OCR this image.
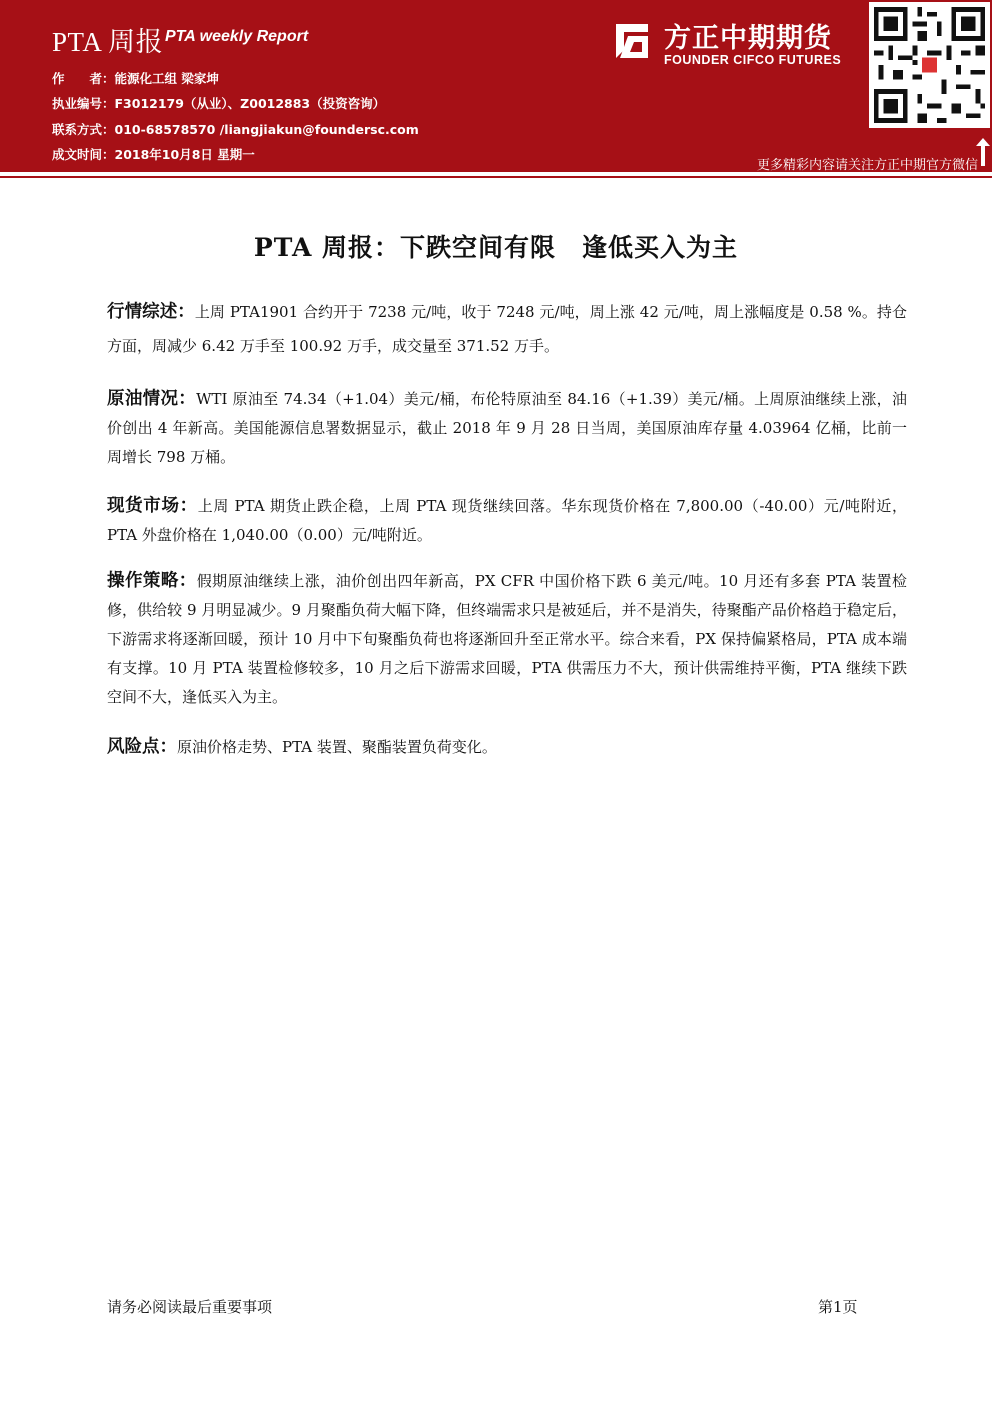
PTA 周报 PTA weekly Report
作　　者：能源化工组 梁家坤
执业编号：F3012179（从业）、Z0012883（投资咨询）
联系方式：010-68578570 /liangjiakun@foundersc.com
成文时间：2018年10月8日 星期一
方正中期期货
FOUNDER CIFCO FUTURES
更多精彩内容请关注方正中期官方微信
PTA 周报：下跌空间有限　逢低买入为主
行情综述：上周 PTA1901 合约开于 7238 元/吨，收于 7248 元/吨，周上涨 42 元/吨，周上涨幅度是 0.58 %。持仓方面，周减少 6.42 万手至 100.92 万手，成交量至 371.52 万手。
原油情况：WTI 原油至 74.34（+1.04）美元/桶，布伦特原油至 84.16（+1.39）美元/桶。上周原油继续上涨，油价创出 4 年新高。美国能源信息署数据显示，截止 2018 年 9 月 28 日当周，美国原油库存量 4.03964 亿桶，比前一周增长 798 万桶。
现货市场：上周 PTA 期货止跌企稳，上周 PTA 现货继续回落。华东现货价格在 7,800.00（-40.00）元/吨附近，PTA 外盘价格在 1,040.00（0.00）元/吨附近。
操作策略：假期原油继续上涨，油价创出四年新高，PX CFR 中国价格下跌 6 美元/吨。10 月还有多套 PTA 装置检修，供给较 9 月明显减少。9 月聚酯负荷大幅下降，但终端需求只是被延后，并不是消失，待聚酯产品价格趋于稳定后，下游需求将逐渐回暖，预计 10 月中下旬聚酯负荷也将逐渐回升至正常水平。综合来看，PX 保持偏紧格局，PTA 成本端有支撑。10 月 PTA 装置检修较多，10 月之后下游需求回暖，PTA 供需压力不大，预计供需维持平衡，PTA 继续下跌空间不大，逢低买入为主。
风险点：原油价格走势、PTA 装置、聚酯装置负荷变化。
请务必阅读最后重要事项	第1页
